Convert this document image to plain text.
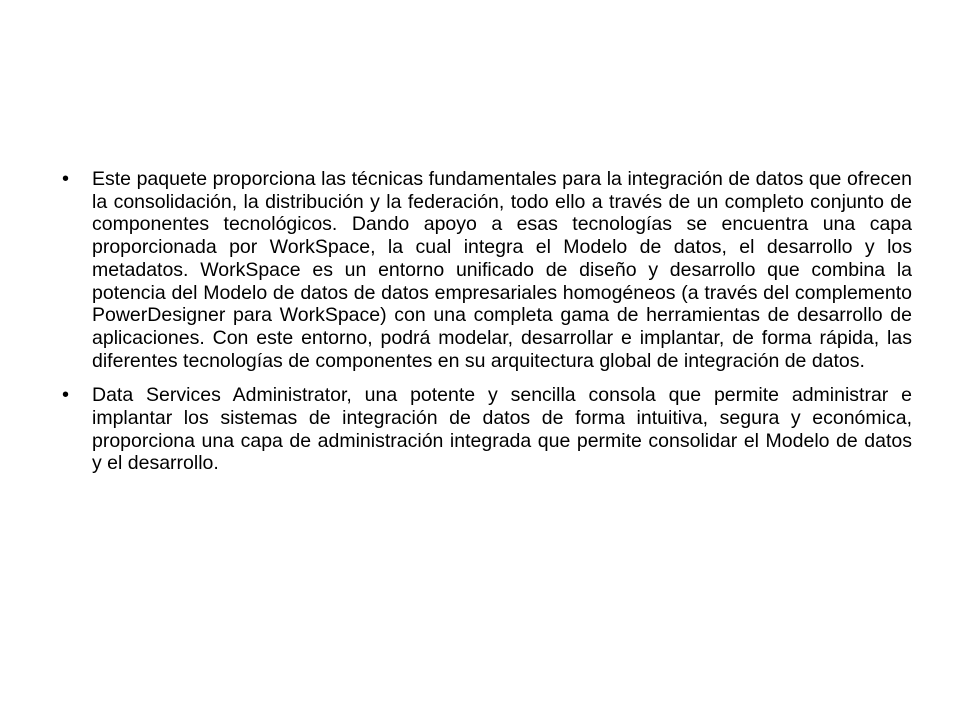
• Este paquete proporciona las técnicas fundamentales para la integración de datos que ofrecen la consolidación, la distribución y la federación, todo ello a través de un completo conjunto de componentes tecnológicos. Dando apoyo a esas tecnologías se encuentra una capa proporcionada por WorkSpace, la cual integra el Modelo de datos, el desarrollo y los metadatos. WorkSpace es un entorno unificado de diseño y desarrollo que combina la potencia del Modelo de datos de datos empresariales homogéneos (a través del complemento PowerDesigner para WorkSpace) con una completa gama de herramientas de desarrollo de aplicaciones. Con este entorno, podrá modelar, desarrollar e implantar, de forma rápida, las diferentes tecnologías de componentes en su arquitectura global de integración de datos.
• Data Services Administrator, una potente y sencilla consola que permite administrar e implantar los sistemas de integración de datos de forma intuitiva, segura y económica, proporciona una capa de administración integrada que permite consolidar el Modelo de datos y el desarrollo.
